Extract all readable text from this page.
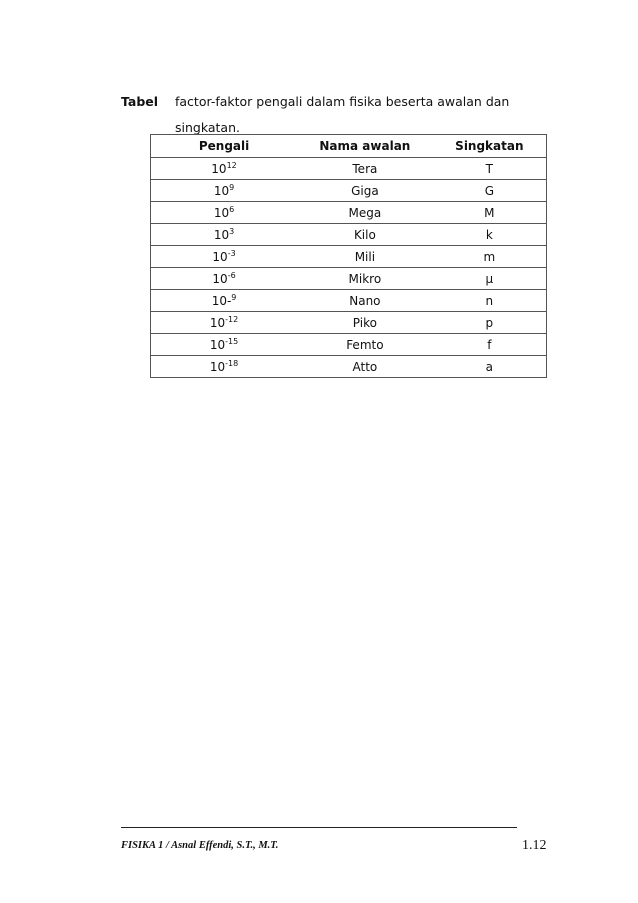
Tabel factor-faktor pengali dalam fisika beserta awalan dan singkatan.
Pengali	Nama awalan	Singkatan
$10^{12}$	Tera	T
$10^9$	Giga	G
$10^6$	Mega	M
$10^3$	Kilo	k
$10^{-3}$	Mili	m
$10^{-6}$	Mikro	μ
10-$^9$	Nano	n
$10^{-12}$	Piko	p
$10^{-15}$	Femto	f
$10^{-18}$	Atto	a
FISIKA 1 / Asnal Effendi, S.T., M.T.	1.12
